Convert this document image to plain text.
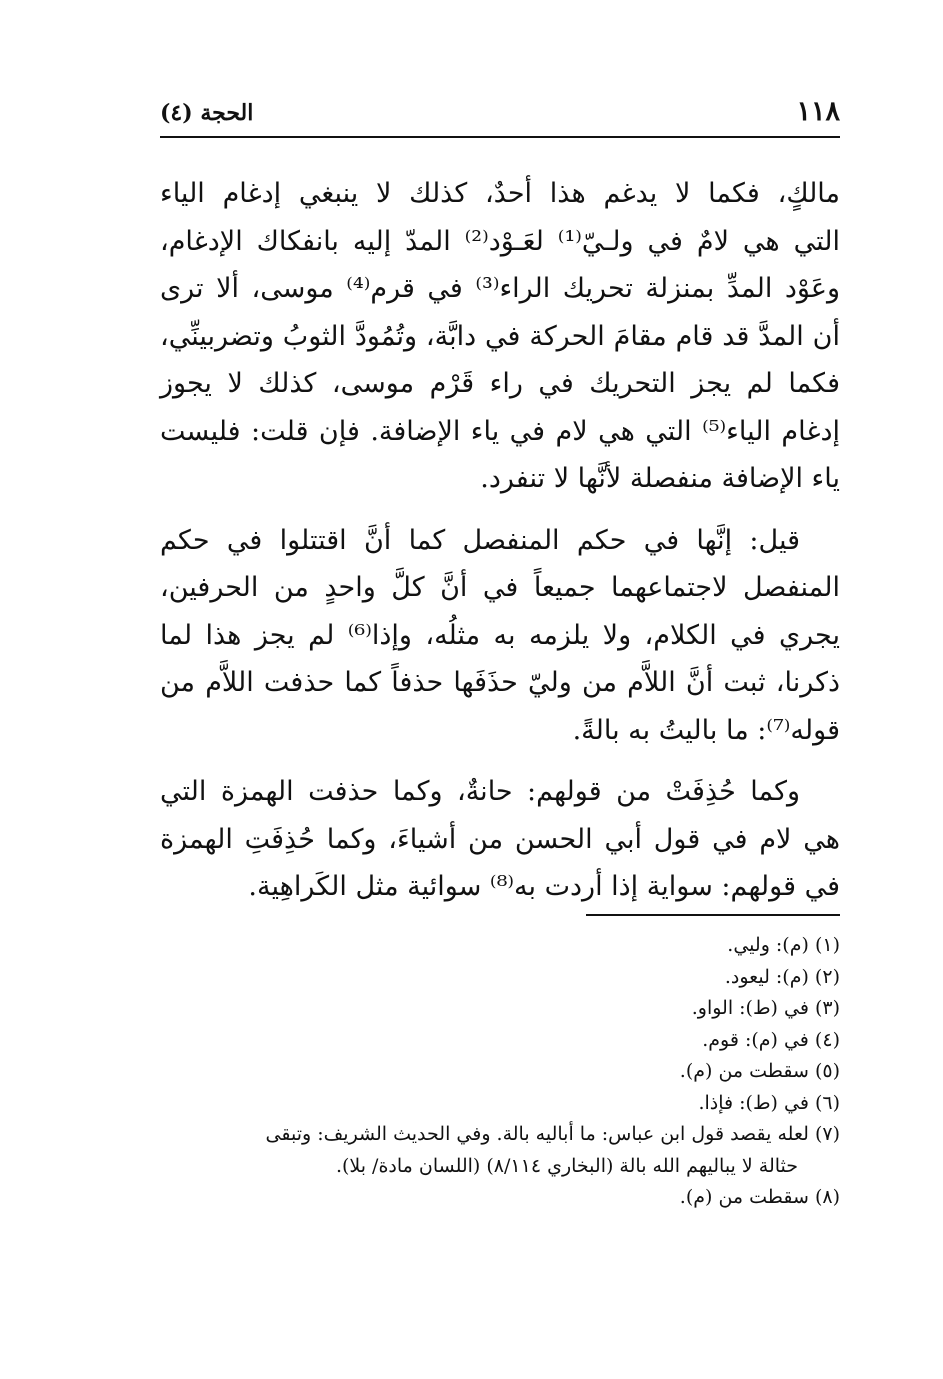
١١٨
الحجة (٤)

مالكٍ، فكما لا يدغم هذا أحدٌ، كذلك لا ينبغي إدغام الياء
التي هي لامٌ في ولـيّ⁽¹⁾ لعَـوْد⁽²⁾ المدّ إليه بانفكاك الإدغام،
وعَوْد المدِّ بمنزلة تحريك الراء⁽³⁾ في قرم⁽⁴⁾ موسى، ألا ترى
أن المدَّ قد قام مقامَ الحركة في دابَّة، وتُمُودَّ الثوبُ وتضربينِّي،
فكما لم يجز التحريك في راء قَرْم موسى، كذلك لا يجوز
إدغام الياء⁽⁵⁾ التي هي لام في ياء الإضافة. فإن قلت: فليست
ياء الإضافة منفصلة لأنَّها لا تنفرد.

قيل: إنَّها في حكم المنفصل كما أنَّ اقتتلوا في حكم
المنفصل لاجتماعهما جميعاً في أنَّ كلَّ واحدٍ من الحرفين،
يجري في الكلام، ولا يلزمه به مثلُه، وإذا⁽⁶⁾ لم يجز هذا لما
ذكرنا، ثبت أنَّ اللاَّم من وليّ حذَفَها حذفاً كما حذفت اللاَّم من
قوله⁽⁷⁾: ما باليتُ به بالةً.

وكما حُذِفَتْ من قولهم: حانةٌ، وكما حذفت الهمزة التي
هي لام في قول أبي الحسن من أشياءَ، وكما حُذِفَتِ الهمزة
في قولهم: سواية إذا أردت به⁽⁸⁾ سوائية مثل الكَراهِية.

(١) (م): وليي.
(٢) (م): ليعود.
(٣) في (ط): الواو.
(٤) في (م): قوم.
(٥) سقطت من (م).
(٦) في (ط): فإذا.
(٧) لعله يقصد قول ابن عباس: ما أباليه بالة. وفي الحديث الشريف: وتبقى
حثالة لا يباليهم الله بالة (البخاري ٨/١١٤) (اللسان مادة/ بلا).
(٨) سقطت من (م).
